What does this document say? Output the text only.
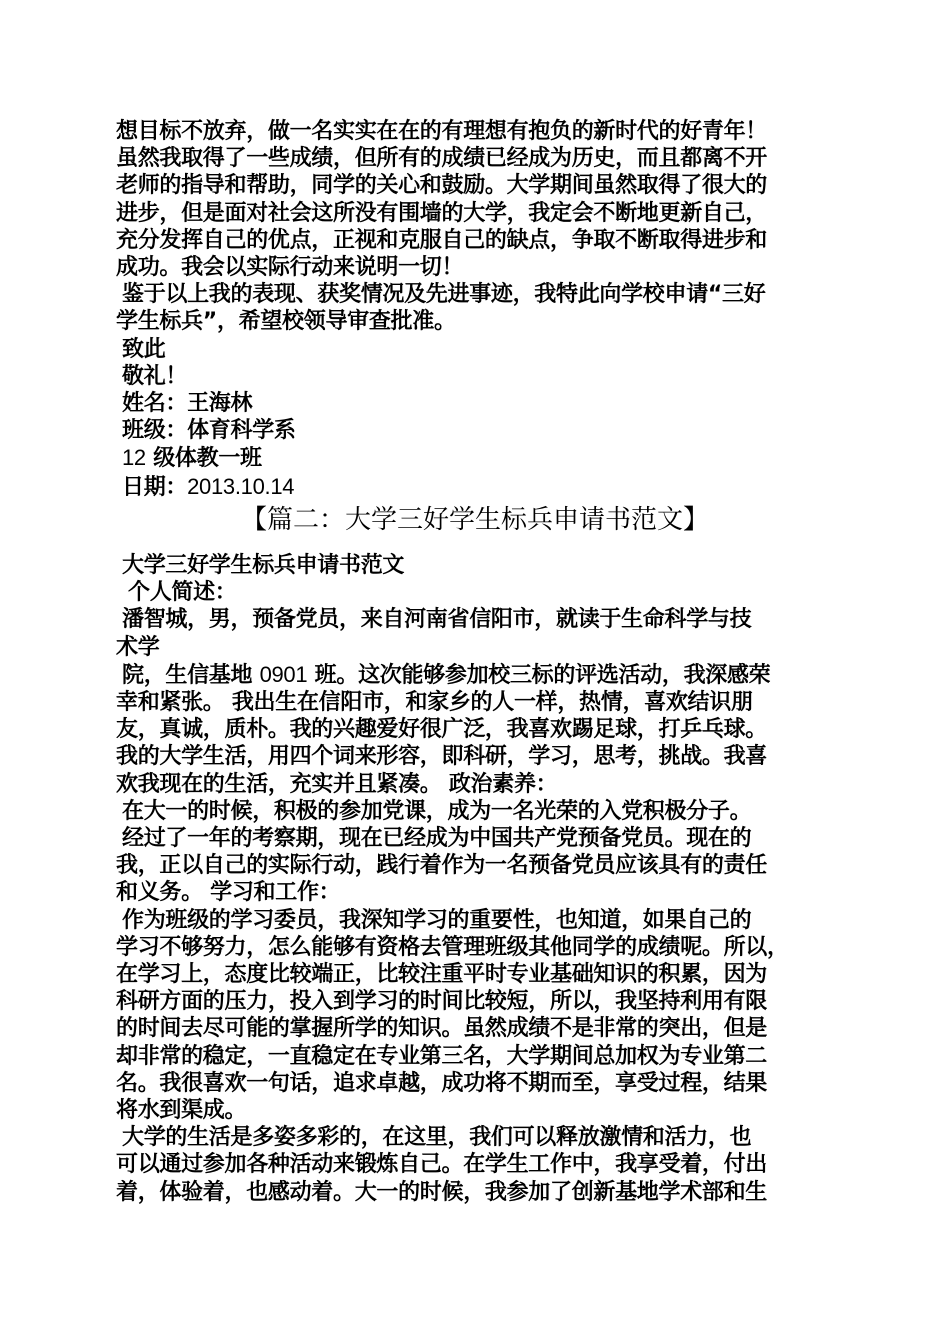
想目标不放弃，做一名实实在在的有理想有抱负的新时代的好青年！
虽然我取得了一些成绩，但所有的成绩已经成为历史，而且都离不开
老师的指导和帮助，同学的关心和鼓励。大学期间虽然取得了很大的
进步，但是面对社会这所没有围墙的大学，我定会不断地更新自己，
充分发挥自己的优点，正视和克服自己的缺点，争取不断取得进步和
成功。我会以实际行动来说明一切！
鉴于以上我的表现、获奖情况及先进事迹，我特此向学校申请“三好
学生标兵”，希望校领导审查批准。
致此
敬礼！
姓名：王海林
班级：体育科学系
12 级体教一班
日期：2013.10.14
【篇二：大学三好学生标兵申请书范文】
大学三好学生标兵申请书范文
个人简述：
潘智城，男，预备党员，来自河南省信阳市，就读于生命科学与技
术学
院，生信基地 0901 班。这次能够参加校三标的评选活动，我深感荣
幸和紧张。 我出生在信阳市，和家乡的人一样，热情，喜欢结识朋
友，真诚，质朴。我的兴趣爱好很广泛，我喜欢踢足球，打乒乓球。
我的大学生活，用四个词来形容，即科研，学习，思考，挑战。我喜
欢我现在的生活，充实并且紧凑。 政治素养：
在大一的时候，积极的参加党课，成为一名光荣的入党积极分子。
经过了一年的考察期，现在已经成为中国共产党预备党员。现在的
我，正以自己的实际行动，践行着作为一名预备党员应该具有的责任
和义务。 学习和工作：
作为班级的学习委员，我深知学习的重要性，也知道，如果自己的
学习不够努力，怎么能够有资格去管理班级其他同学的成绩呢。所以，
在学习上，态度比较端正，比较注重平时专业基础知识的积累，因为
科研方面的压力，投入到学习的时间比较短，所以，我坚持利用有限
的时间去尽可能的掌握所学的知识。虽然成绩不是非常的突出，但是
却非常的稳定，一直稳定在专业第三名，大学期间总加权为专业第二
名。我很喜欢一句话，追求卓越，成功将不期而至，享受过程，结果
将水到渠成。
大学的生活是多姿多彩的，在这里，我们可以释放激情和活力，也
可以通过参加各种活动来锻炼自己。在学生工作中，我享受着，付出
着，体验着，也感动着。大一的时候，我参加了创新基地学术部和生
